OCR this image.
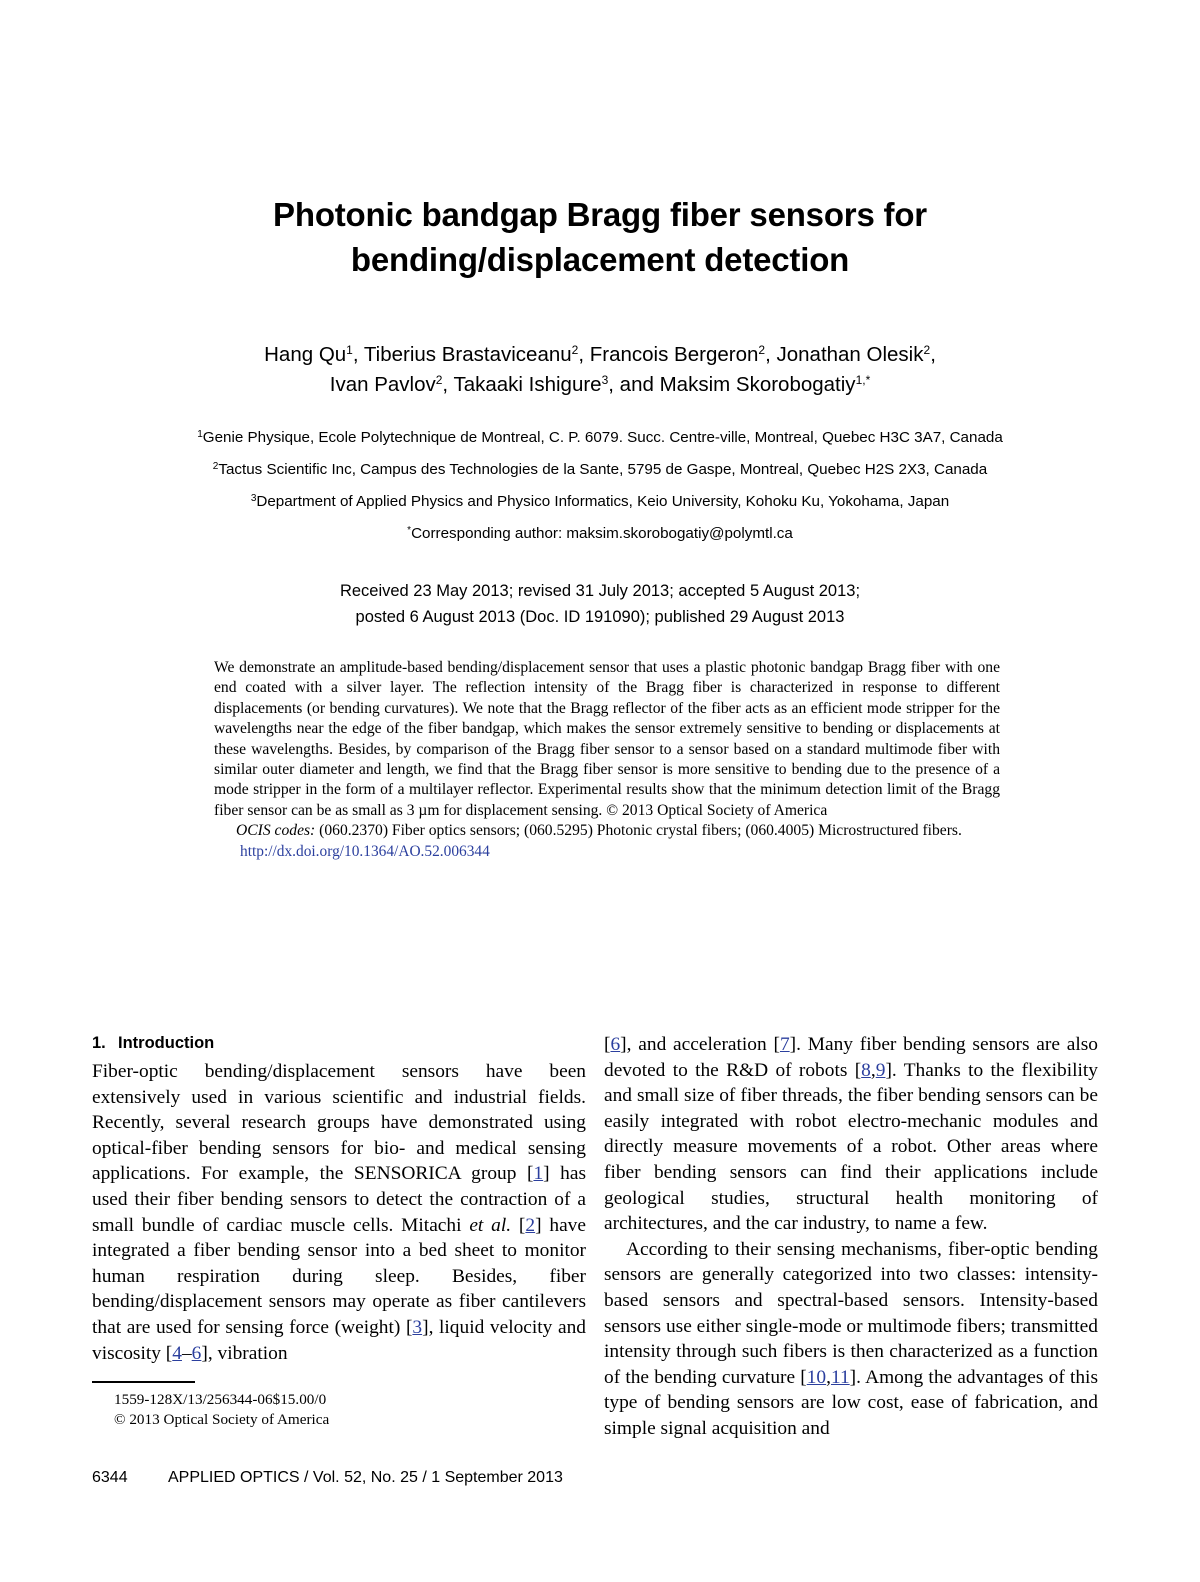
Photonic bandgap Bragg fiber sensors for
bending/displacement detection

Hang Qu$^1$, Tiberius Brastaviceanu$^2$, Francois Bergeron$^2$, Jonathan Olesik$^2$,
Ivan Pavlov$^2$, Takaaki Ishigure$^3$, and Maksim Skorobogatiy$^{1,*}$

$^1$Genie Physique, Ecole Polytechnique de Montreal, C. P. 6079. Succ. Centre-ville, Montreal, Quebec H3C 3A7, Canada
$^2$Tactus Scientific Inc, Campus des Technologies de la Sante, 5795 de Gaspe, Montreal, Quebec H2S 2X3, Canada
$^3$Department of Applied Physics and Physico Informatics, Keio University, Kohoku Ku, Yokohama, Japan
*Corresponding author: maksim.skorobogatiy@polymtl.ca

Received 23 May 2013; revised 31 July 2013; accepted 5 August 2013;
posted 6 August 2013 (Doc. ID 191090); published 29 August 2013

We demonstrate an amplitude-based bending/displacement sensor that uses a plastic photonic bandgap Bragg fiber with one end coated with a silver layer. The reflection intensity of the Bragg fiber is characterized in response to different displacements (or bending curvatures). We note that the Bragg reflector of the fiber acts as an efficient mode stripper for the wavelengths near the edge of the fiber bandgap, which makes the sensor extremely sensitive to bending or displacements at these wavelengths. Besides, by comparison of the Bragg fiber sensor to a sensor based on a standard multimode fiber with similar outer diameter and length, we find that the Bragg fiber sensor is more sensitive to bending due to the presence of a mode stripper in the form of a multilayer reflector. Experimental results show that the minimum detection limit of the Bragg fiber sensor can be as small as 3 µm for displacement sensing. © 2013 Optical Society of America

OCIS codes: (060.2370) Fiber optics sensors; (060.5295) Photonic crystal fibers; (060.4005) Microstructured fibers.

http://dx.doi.org/10.1364/AO.52.006344

1. Introduction

Fiber-optic bending/displacement sensors have been extensively used in various scientific and industrial fields. Recently, several research groups have demonstrated using optical-fiber bending sensors for bio- and medical sensing applications. For example, the SENSORICA group [1] has used their fiber bending sensors to detect the contraction of a small bundle of cardiac muscle cells. Mitachi et al. [2] have integrated a fiber bending sensor into a bed sheet to monitor human respiration during sleep. Besides, fiber bending/displacement sensors may operate as fiber cantilevers that are used for sensing force (weight) [3], liquid velocity and viscosity [4–6], vibration

[6], and acceleration [7]. Many fiber bending sensors are also devoted to the R&D of robots [8,9]. Thanks to the flexibility and small size of fiber threads, the fiber bending sensors can be easily integrated with robot electro-mechanic modules and directly measure movements of a robot. Other areas where fiber bending sensors can find their applications include geological studies, structural health monitoring of architectures, and the car industry, to name a few.

According to their sensing mechanisms, fiber-optic bending sensors are generally categorized into two classes: intensity-based sensors and spectral-based sensors. Intensity-based sensors use either single-mode or multimode fibers; transmitted intensity through such fibers is then characterized as a function of the bending curvature [10,11]. Among the advantages of this type of bending sensors are low cost, ease of fabrication, and simple signal acquisition and

1559-128X/13/256344-06$15.00/0

© 2013 Optical Society of America

6344	APPLIED OPTICS / Vol. 52, No. 25 / 1 September 2013
